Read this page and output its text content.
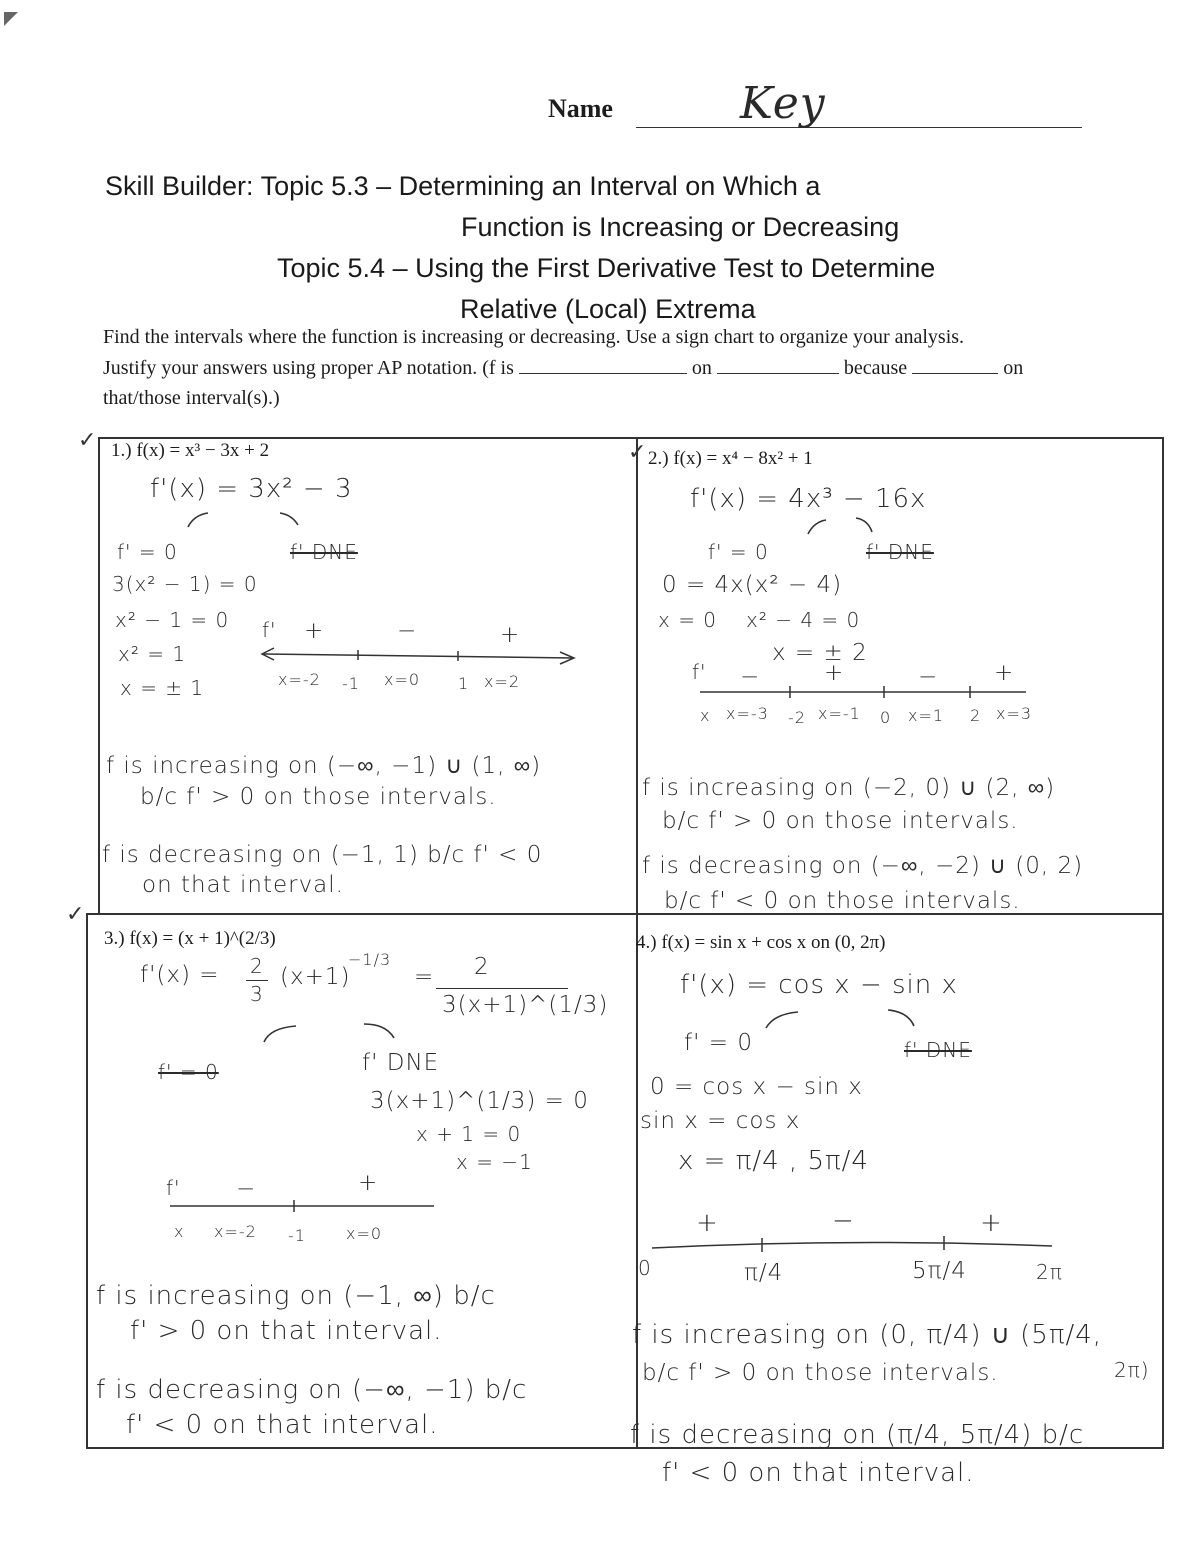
Name	Key
Skill Builder: Topic 5.3 – Determining an Interval on Which a
Function is Increasing or Decreasing
Topic 5.4 – Using the First Derivative Test to Determine
Relative (Local) Extrema
Find the intervals where the function is increasing or decreasing. Use a sign chart to organize your analysis.
Justify your answers using proper AP notation. (f is	on	because	on
that/those interval(s).)
✓	✓
✓
1.) f(x) = x³ − 3x + 2
f'(x) = 3x² − 3
f' = 0	f' DNE
3(x² − 1) = 0
x² − 1 = 0
x² = 1
x = ± 1
f' +	−	+
x=-2 -1 x=0 1 x=2
f is increasing on (−∞, −1) ∪ (1, ∞)
b/c f' > 0 on those intervals.
f is decreasing on (−1, 1) b/c f' < 0
on that interval.
2.) f(x) = x⁴ − 8x² + 1
f'(x) = 4x³ − 16x
f' = 0	f' DNE
0 = 4x(x² − 4)
x = 0 x² − 4 = 0
x = ± 2
f' −	+	− +
x x=-3 -2 x=-1 0 x=1 2 x=3
f is increasing on (−2, 0) ∪ (2, ∞)
b/c f' > 0 on those intervals.
f is decreasing on (−∞, −2) ∪ (0, 2)
b/c f' < 0 on those intervals.
3.) f(x) = (x + 1)^(2/3)
f'(x) = 2
3
(x+1)
−1/3
= 2
3(x+1)^(1/3)
f' = 0	f' DNE
3(x+1)^(1/3) = 0
x + 1 = 0
x = −1
f' −	+
x x=-2 -1	x=0
f is increasing on (−1, ∞) b/c
f' > 0 on that interval.
f is decreasing on (−∞, −1) b/c
f' < 0 on that interval.
4.) f(x) = sin x + cos x on (0, 2π)
f'(x) = cos x − sin x
f' = 0	f' DNE
0 = cos x − sin x
sin x = cos x
x = π/4 , 5π/4
+	−	+
0	π/4	5π/4	2π
f is increasing on (0, π/4) ∪ (5π/4,
b/c f' > 0 on those intervals.	2π)
f is decreasing on (π/4, 5π/4) b/c
f' < 0 on that interval.
